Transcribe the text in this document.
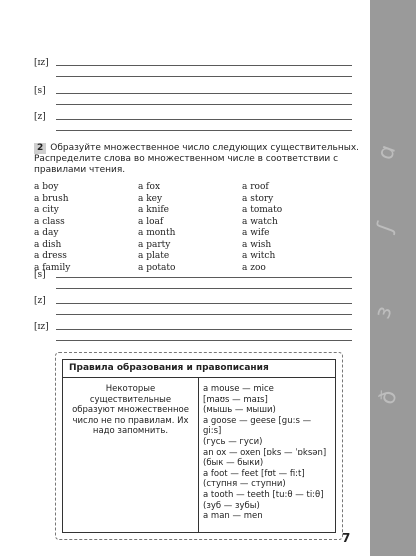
ɑ
ʃ
ɜ
ð
[ɪz]
[s]
[z]
2 Образуйте множественное число следующих существительных. Распределите слова во множественном числе в соответствии с правилами чтения.
a boy	a fox	a roof
a brush	a key	a story
a city	a knife	a tomato
a class	a loaf	a watch
a day	a month	a wife
a dish	a party	a wish
a dress	a plate	a witch
a family	a potato	a zoo
[s]
[z]
[ɪz]
Правила образования и правописания
Некоторые существительные образуют множественное число не по правилам. Их надо запомнить.
a mouse — mice
[maʊs — maɪs]
(мышь — мыши)
a goose — geese [gu:s — gi:s]
(гусь — гуси)
an ox — oxen [ɒks — ˈɒksən]
(бык — быки)
a foot — feet [fʊt — fi:t]
(ступня — ступни)
a tooth — teeth [tu:θ — ti:θ]
(зуб — зубы)
a man — men
7
